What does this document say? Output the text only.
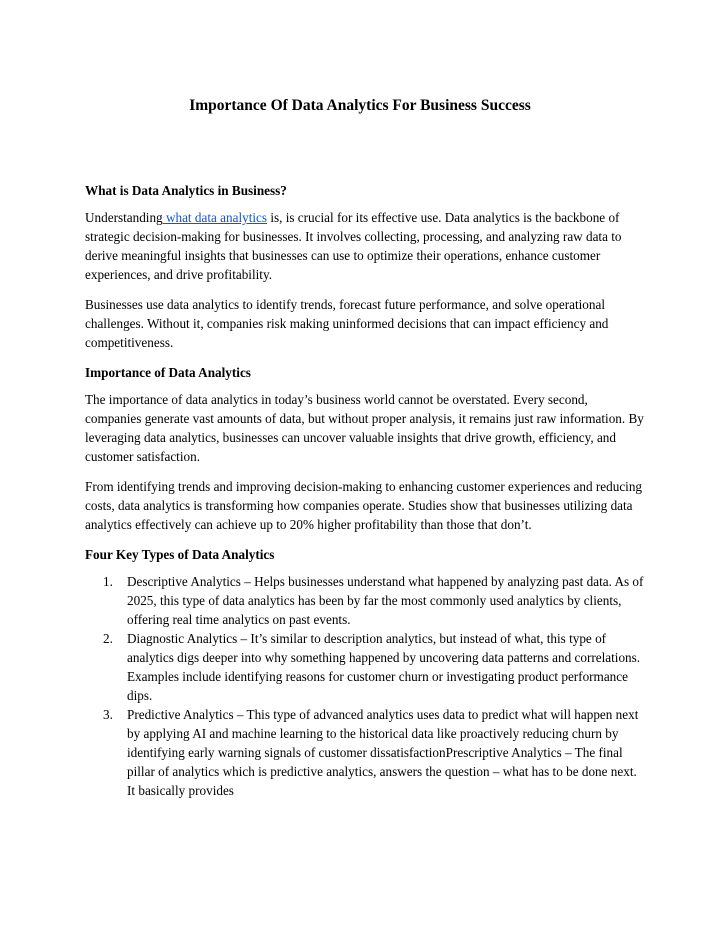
Importance Of Data Analytics For Business Success
What is Data Analytics in Business?

Understanding what data analytics is, is crucial for its effective use. Data analytics is the backbone of strategic decision-making for businesses. It involves collecting, processing, and analyzing raw data to derive meaningful insights that businesses can use to optimize their operations, enhance customer experiences, and drive profitability.

Businesses use data analytics to identify trends, forecast future performance, and solve operational challenges. Without it, companies risk making uninformed decisions that can impact efficiency and competitiveness.

Importance of Data Analytics

The importance of data analytics in today’s business world cannot be overstated. Every second, companies generate vast amounts of data, but without proper analysis, it remains just raw information. By leveraging data analytics, businesses can uncover valuable insights that drive growth, efficiency, and customer satisfaction.

From identifying trends and improving decision-making to enhancing customer experiences and reducing costs, data analytics is transforming how companies operate. Studies show that businesses utilizing data analytics effectively can achieve up to 20% higher profitability than those that don’t.

Four Key Types of Data Analytics
1. Descriptive Analytics – Helps businesses understand what happened by analyzing past data. As of 2025, this type of data analytics has been by far the most commonly used analytics by clients, offering real time analytics on past events.
2. Diagnostic Analytics – It’s similar to description analytics, but instead of what, this type of analytics digs deeper into why something happened by uncovering data patterns and correlations. Examples include identifying reasons for customer churn or investigating product performance dips.
3. Predictive Analytics – This type of advanced analytics uses data to predict what will happen next by applying AI and machine learning to the historical data like proactively reducing churn by identifying early warning signals of customer dissatisfactionPrescriptive Analytics – The final pillar of analytics which is predictive analytics, answers the question – what has to be done next. It basically provides
